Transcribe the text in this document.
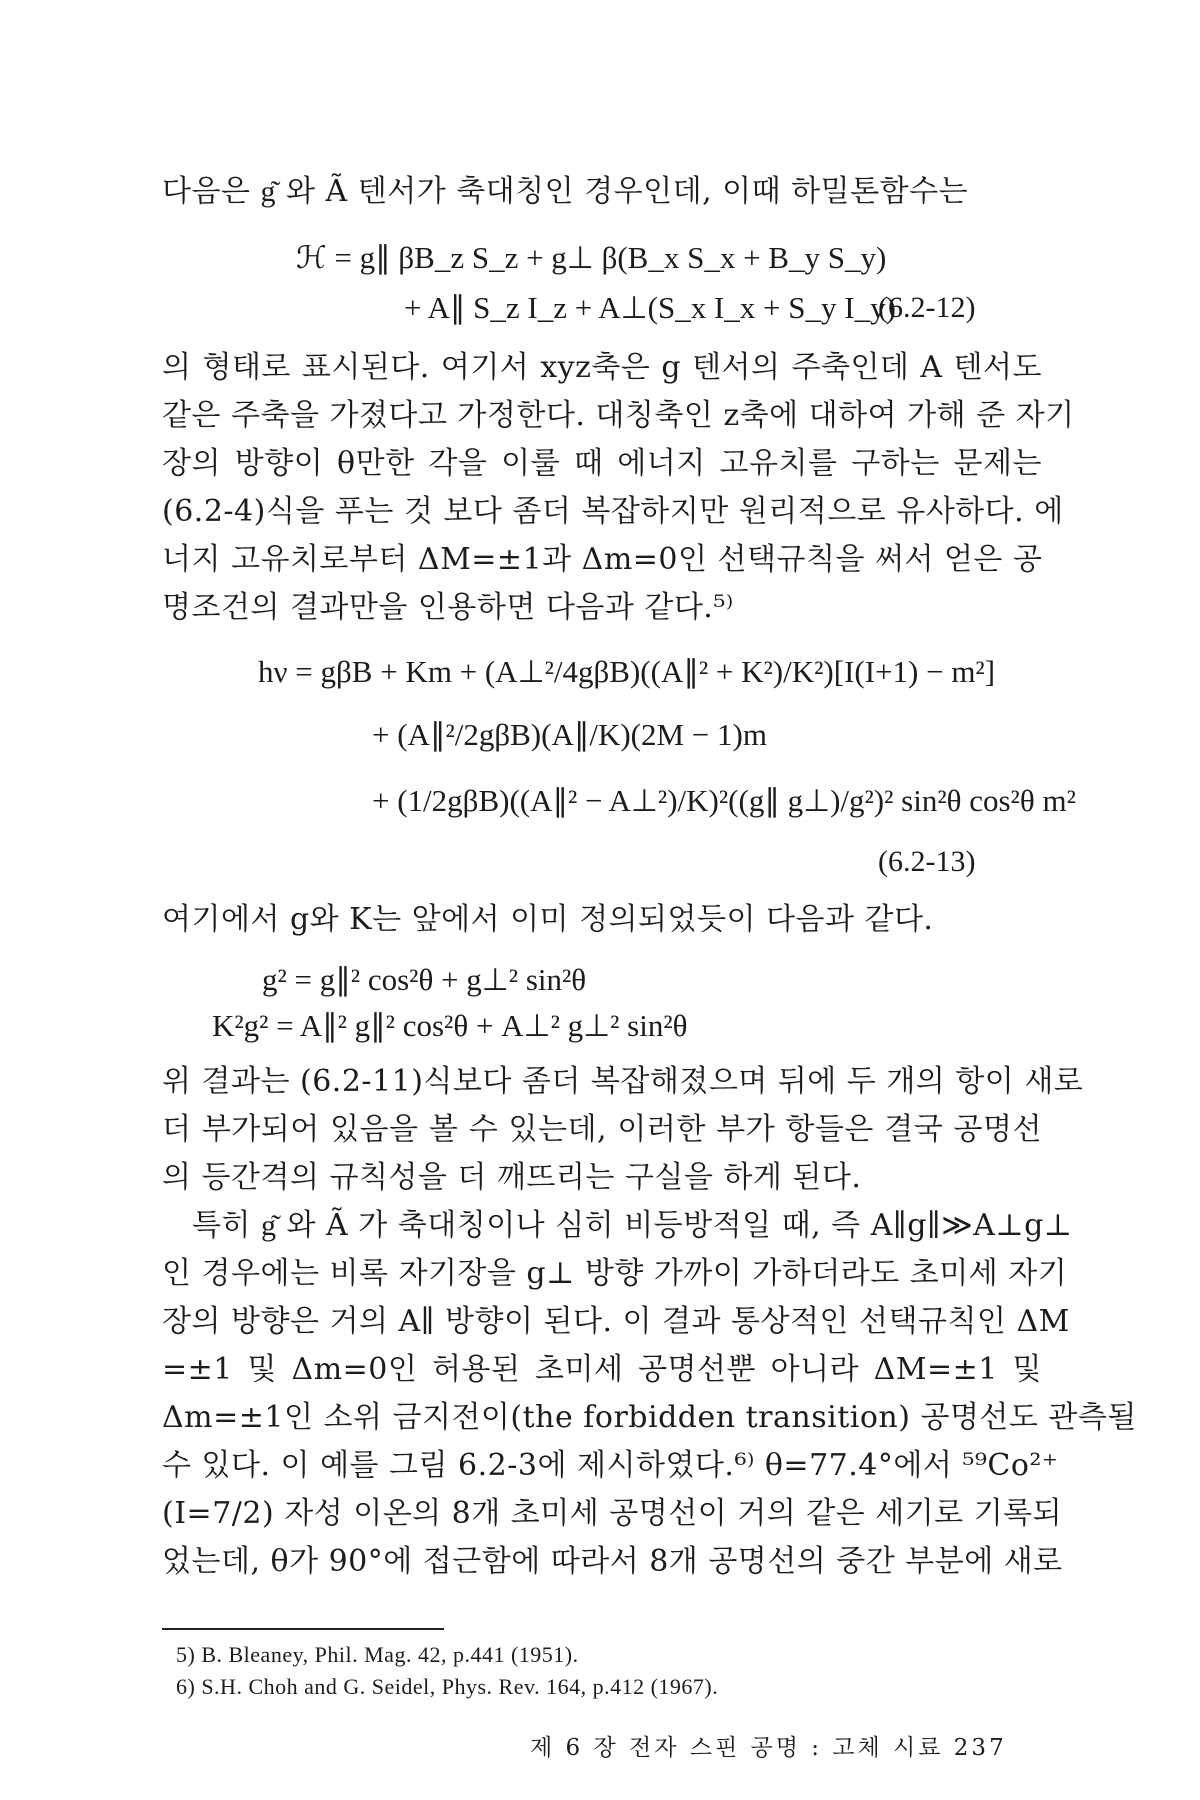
다음은 g͂ 와 Ã 텐서가 축대칭인 경우인데, 이때 하밀톤함수는
ℋ = g∥ βB_z S_z + g⊥ β(B_x S_x + B_y S_y)
+ A∥ S_z I_z + A⊥(S_x I_x + S_y I_y)
(6.2-12)
의 형태로 표시된다. 여기서 xyz축은 g 텐서의 주축인데 A 텐서도
같은 주축을 가졌다고 가정한다. 대칭축인 z축에 대하여 가해 준 자기
장의 방향이 θ만한 각을 이룰 때 에너지 고유치를 구하는 문제는
(6.2-4)식을 푸는 것 보다 좀더 복잡하지만 원리적으로 유사하다. 에
너지 고유치로부터 ΔM=±1과 Δm=0인 선택규칙을 써서 얻은 공
명조건의 결과만을 인용하면 다음과 같다.⁵⁾
hν = gβB + Km + (A⊥²/4gβB)((A∥² + K²)/K²)[I(I+1) − m²]
+ (A∥²/2gβB)(A∥/K)(2M − 1)m
+ (1/2gβB)((A∥² − A⊥²)/K)²((g∥ g⊥)/g²)² sin²θ cos²θ m²
(6.2-13)
여기에서 g와 K는 앞에서 이미 정의되었듯이 다음과 같다.
g² = g∥² cos²θ + g⊥² sin²θ
K²g² = A∥² g∥² cos²θ + A⊥² g⊥² sin²θ
위 결과는 (6.2-11)식보다 좀더 복잡해졌으며 뒤에 두 개의 항이 새로
더 부가되어 있음을 볼 수 있는데, 이러한 부가 항들은 결국 공명선
의 등간격의 규칙성을 더 깨뜨리는 구실을 하게 된다.
특히 g͂ 와 Ã 가 축대칭이나 심히 비등방적일 때, 즉 A∥g∥≫A⊥g⊥
인 경우에는 비록 자기장을 g⊥ 방향 가까이 가하더라도 초미세 자기
장의 방향은 거의 A∥ 방향이 된다. 이 결과 통상적인 선택규칙인 ΔM
=±1 및 Δm=0인 허용된 초미세 공명선뿐 아니라 ΔM=±1 및
Δm=±1인 소위 금지전이(the forbidden transition) 공명선도 관측될
수 있다. 이 예를 그림 6.2-3에 제시하였다.⁶⁾ θ=77.4°에서 ⁵⁹Co²⁺
(I=7/2) 자성 이온의 8개 초미세 공명선이 거의 같은 세기로 기록되
었는데, θ가 90°에 접근함에 따라서 8개 공명선의 중간 부분에 새로
5) B. Bleaney, Phil. Mag. 42, p.441 (1951).
6) S.H. Choh and G. Seidel, Phys. Rev. 164, p.412 (1967).
제 6 장 전자 스핀 공명 : 고체 시료 237
